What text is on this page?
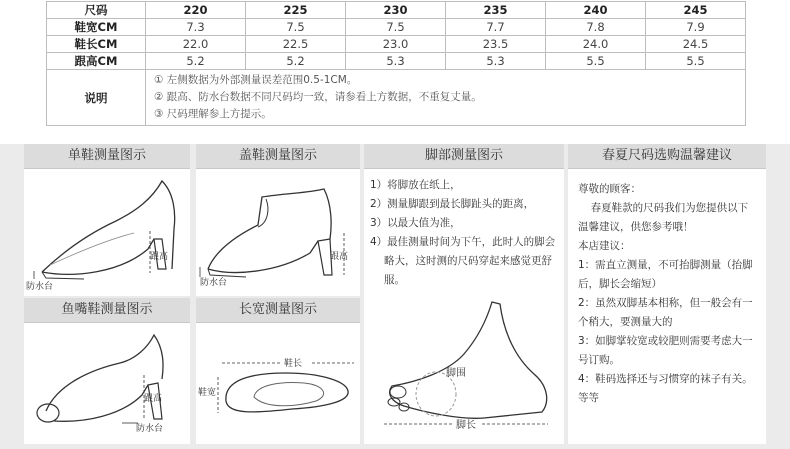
尺码	220	225	230	235	240	245
鞋宽CM	7.3	7.5	7.5	7.7	7.8	7.9
鞋长CM	22.0	22.5	23.0	23.5	24.0	24.5
跟高CM	5.2	5.2	5.3	5.3	5.5	5.5
说明	① 左侧数据为外部测量误差范围0.5-1CM。
② 跟高、防水台数据不同尺码均一致，请参看上方数据，不重复丈量。
③ 尺码理解参上方提示。					
单鞋测量图示
跟高
防水台
盖鞋测量图示
跟高
防水台
鱼嘴鞋测量图示
跟高
防水台
长宽测量图示
鞋长
鞋宽
脚部测量图示
1）将脚放在纸上，
2）测量脚跟到最长脚趾头的距离，
3）以最大值为准，
4）最佳测量时间为下午，此时人的脚会略大，这时测的尺码穿起来感觉更舒服。
脚围
脚长
春夏尺码选购温馨建议

尊敬的顾客：

春夏鞋款的尺码我们为您提供以下温馨建议，供您参考哦！

本店建议：

1：需直立测量，不可抬脚测量（抬脚后，脚长会缩短）

2：虽然双脚基本相称，但一般会有一个稍大，要测量大的

3：如脚掌较宽或较肥则需要考虑大一号订购。

4：鞋码选择还与习惯穿的袜子有关。等等
